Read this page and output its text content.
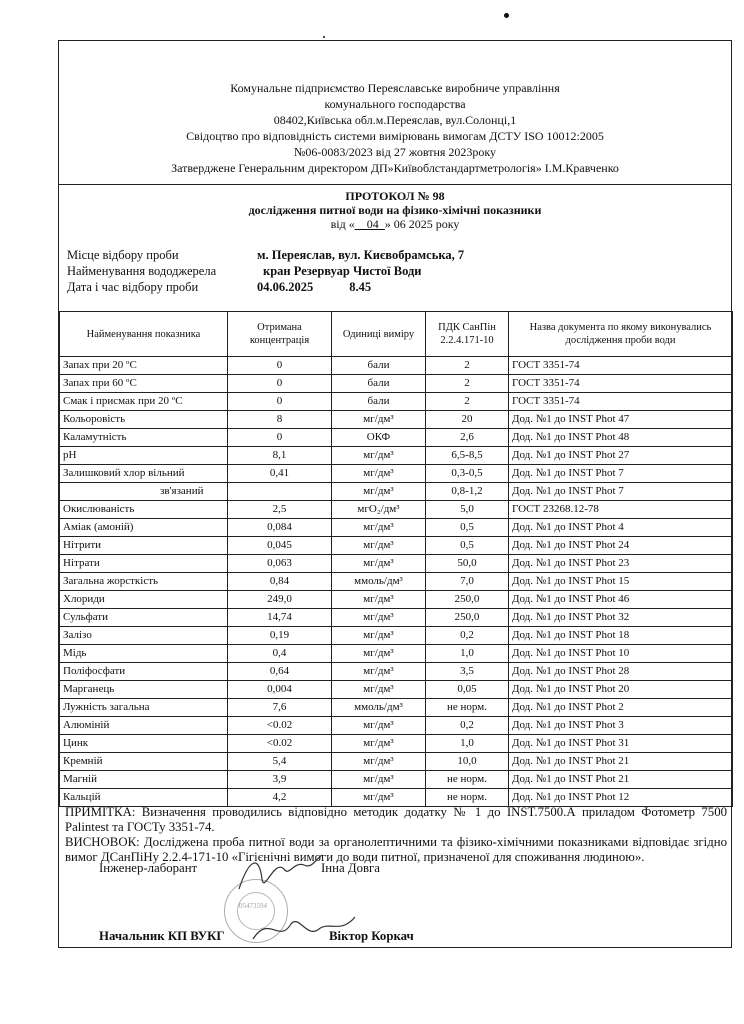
Комунальне підприємство Переяславське виробниче управління
комунального господарства
08402,Київська обл.м.Переяслав, вул.Солонці,1
Свідоцтво про відповідність системи вимірювань вимогам ДСТУ ISO 10012:2005
№06-0083/2023 від 27 жовтня 2023року
Затверджене Генеральним директором ДП»Київоблстандартметрологія» І.М.Кравченко
ПРОТОКОЛ № 98
дослідження питної води на фізико-хімічні показники
від «__04_» 06 2025 року
Місце відбору проби	м. Переяслав, вул. Києвобрамська, 7
Найменування вододжерела	кран Резервуар Чистої Води
Дата і час відбору проби	04.06.2025	8.45
Найменування показника	Отримана концентрація	Одиниці виміру	ПДК СанПін 2.2.4.171-10	Назва документа по якому виконувались дослідження проби води
Запах при 20 ºС	0	бали	2	ГОСТ 3351-74
Запах при 60 ºС	0	бали	2	ГОСТ 3351-74
Смак і присмак при 20 ºС	0	бали	2	ГОСТ 3351-74
Кольоровість	8	мг/дм³	20	Дод. №1 до INST Phot 47
Каламутність	0	ОКФ	2,6	Дод. №1 до INST Phot 48
pH	8,1	мг/дм³	6,5-8,5	Дод. №1 до INST Phot 27
Залишковий хлор вільний	0,41	мг/дм³	0,3-0,5	Дод. №1 до INST Phot 7
зв'язаний		мг/дм³	0,8-1,2	Дод. №1 до INST Phot 7
Окислюваність	2,5	мгО₂/дм³	5,0	ГОСТ 23268.12-78
Аміак (амоній)	0,084	мг/дм³	0,5	Дод. №1 до INST Phot 4
Нітрити	0,045	мг/дм³	0,5	Дод. №1 до INST Phot 24
Нітрати	0,063	мг/дм³	50,0	Дод. №1 до INST Phot 23
Загальна жорсткість	0,84	ммоль/дм³	7,0	Дод. №1 до INST Phot 15
Хлориди	249,0	мг/дм³	250,0	Дод. №1 до INST Phot 46
Сульфати	14,74	мг/дм³	250,0	Дод. №1 до INST Phot 32
Залізо	0,19	мг/дм³	0,2	Дод. №1 до INST Phot 18
Мідь	0,4	мг/дм³	1,0	Дод. №1 до INST Phot 10
Поліфосфати	0,64	мг/дм³	3,5	Дод. №1 до INST Phot 28
Марганець	0,004	мг/дм³	0,05	Дод. №1 до INST Phot 20
Лужність загальна	7,6	ммоль/дм³	не норм.	Дод. №1 до INST Phot 2
Алюміній	<0.02	мг/дм³	0,2	Дод. №1 до INST Phot 3
Цинк	<0.02	мг/дм³	1,0	Дод. №1 до INST Phot 31
Кремній	5,4	мг/дм³	10,0	Дод. №1 до INST Phot 21
Магній	3,9	мг/дм³	не норм.	Дод. №1 до INST Phot 21
Кальцій	4,2	мг/дм³	не норм.	Дод. №1 до INST Phot 12
ПРИМІТКА: Визначення проводились відповідно методик додатку № 1 до INST.7500.А приладом Фотометр 7500 Palintest та ГОСТу 3351-74.
ВИСНОВОК: Досліджена проба питної води за органолептичними та фізико-хімічними показниками відповідає згідно вимог ДСанПіНу 2.2.4-171-10 «Гігієнічні вимоги до води питної, призначеної для споживання людиною».
Інженер-лаборант	Інна Довга
Начальник КП ВУКГ	Віктор Коркач
05473594
